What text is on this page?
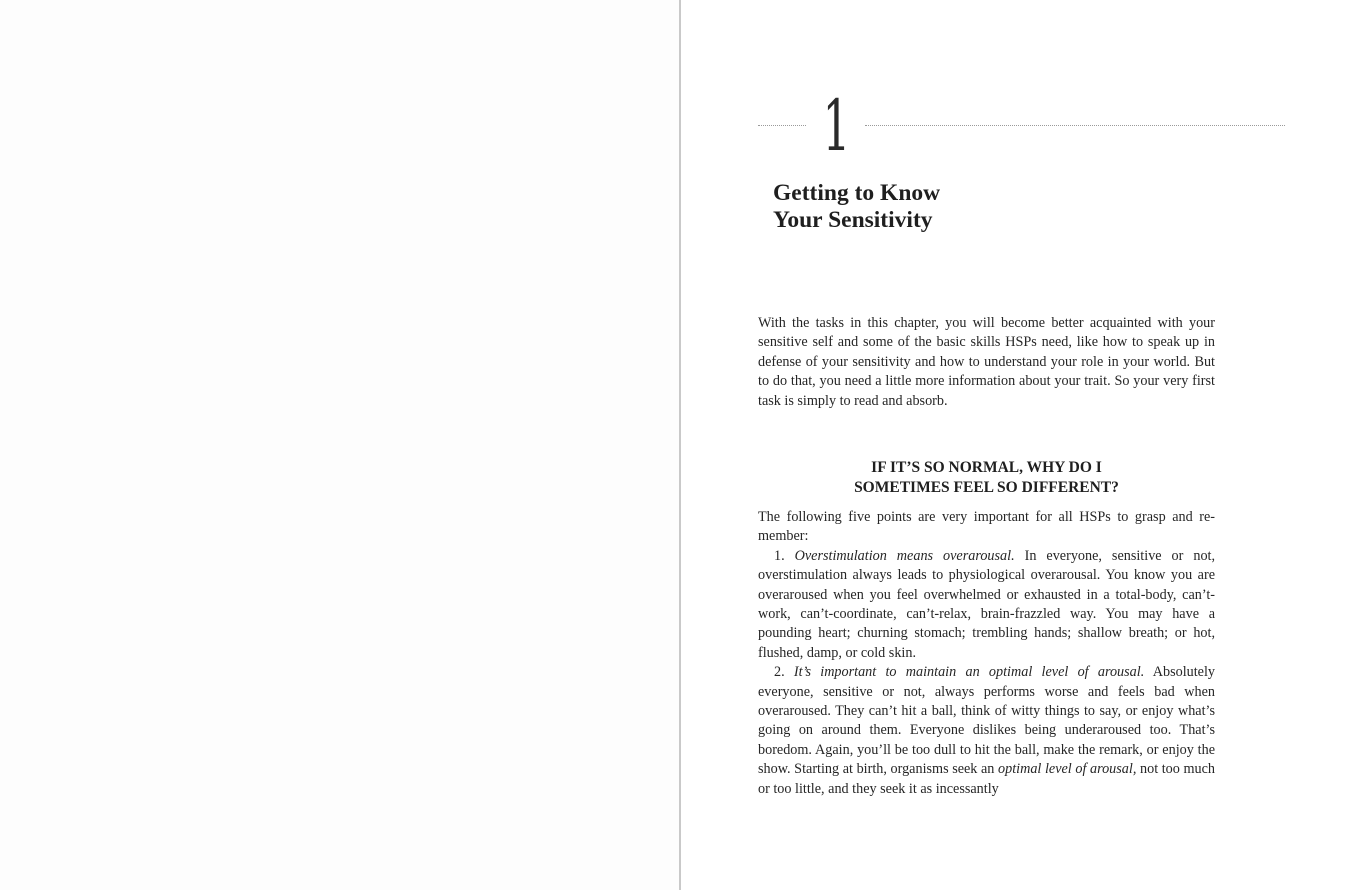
1
Getting to Know
Your Sensitivity

With the tasks in this chapter, you will become better acquainted with your sensitive self and some of the basic skills HSPs need, like how to speak up in defense of your sensitivity and how to understand your role in your world. But to do that, you need a little more information about your trait. So your very first task is simply to read and absorb.

IF IT’S SO NORMAL, WHY DO I
SOMETIMES FEEL SO DIFFERENT?

The following five points are very important for all HSPs to grasp and remember:

1. Overstimulation means overarousal. In everyone, sensitive or not, overstimulation always leads to physiological overarousal. You know you are overaroused when you feel overwhelmed or exhausted in a total-body, can’t-work, can’t-coordinate, can’t-relax, brain-frazzled way. You may have a pounding heart; churning stomach; trembling hands; shallow breath; or hot, flushed, damp, or cold skin.

2. It’s important to maintain an optimal level of arousal. Absolutely everyone, sensitive or not, always performs worse and feels bad when overaroused. They can’t hit a ball, think of witty things to say, or enjoy what’s going on around them. Everyone dislikes being underaroused too. That’s boredom. Again, you’ll be too dull to hit the ball, make the remark, or enjoy the show. Starting at birth, organisms seek an optimal level of arousal, not too much or too little, and they seek it as incessantly
